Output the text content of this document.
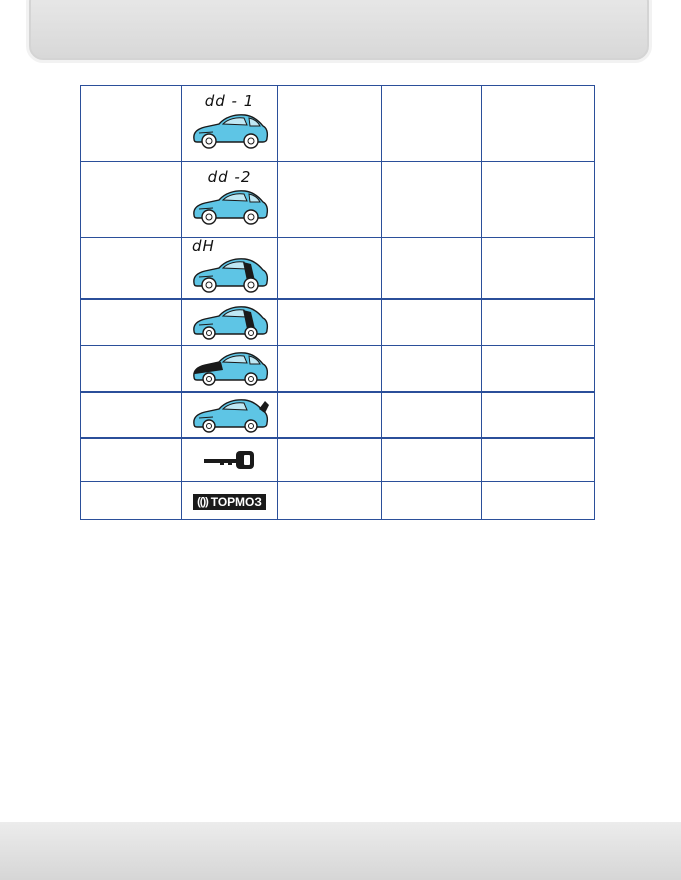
	dd - 1			

	dd -2			

	dH			

	(()) ТОРМОЗ			
